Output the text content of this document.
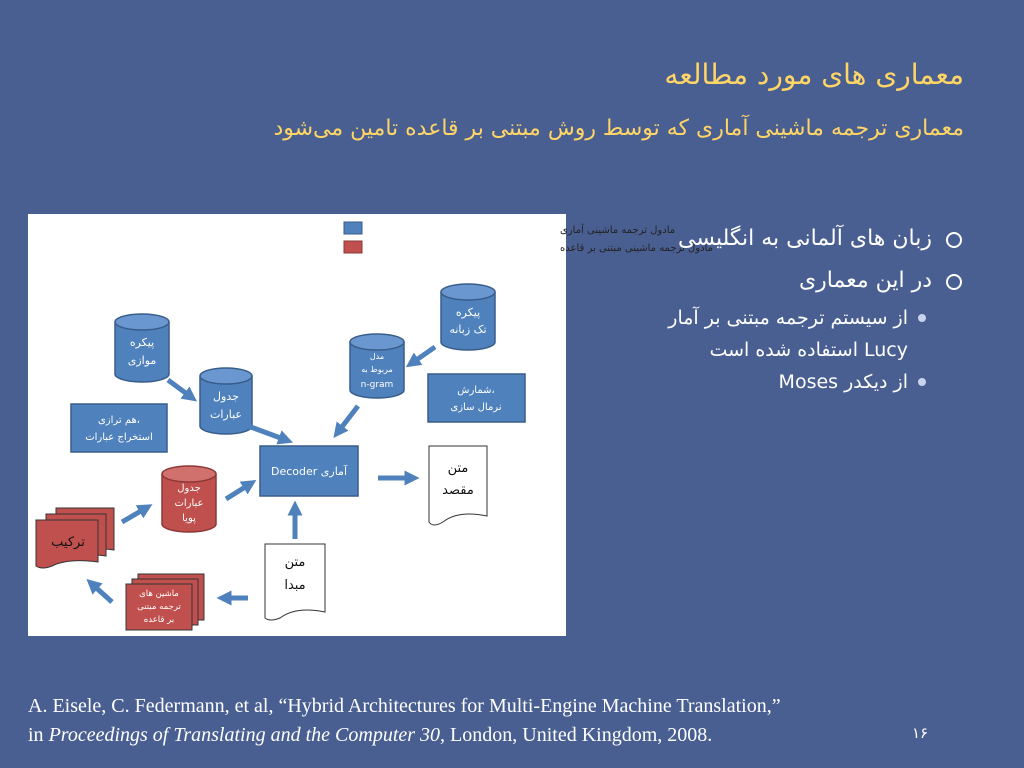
معماری های مورد مطالعه
معماری ترجمه ماشینی آماری که توسط روش مبتنی بر قاعده تامین می‌شود
مادول ترجمه ماشینی آماری
مادول ترجمه ماشینی مبتنی بر قاعده
پیکره
موازی
جدول
عبارات
مدل
مربوط به
n-gram
پیکره
تک زبانه
هم ترازی،
استخراج عبارات
شمارش،
نرمال سازی
Decoder آماری
جدول
عبارات
پویا
متن
مقصد
متن
مبدا
ترکیب
ماشین های
ترجمه مبتنی
بر قاعده
زبان های آلمانی به انگلیسی
در این معماری
از سیستم ترجمه مبتنی بر آمار
Lucy استفاده شده است
از دیکدر Moses
A. Eisele, C. Federmann, et al, “Hybrid Architectures for Multi-Engine Machine Translation,”
in Proceedings of Translating and the Computer 30, London, United Kingdom, 2008.	۱۶
